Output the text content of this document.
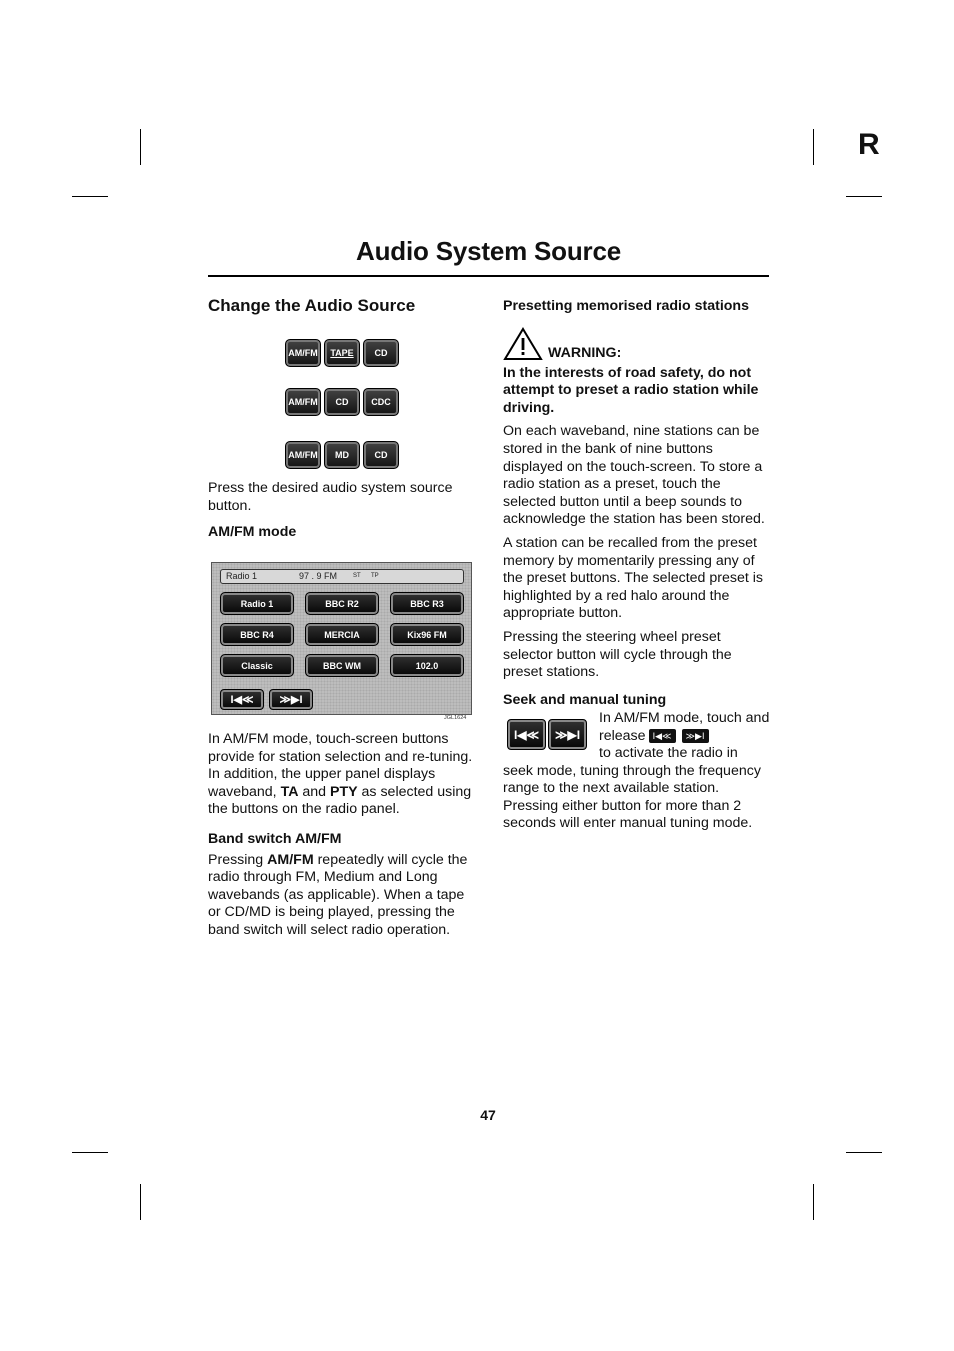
R
Audio System Source

Change the Audio Source

AM/FM	TAPE	CD
AM/FM	CD	CDC
AM/FM	MD	CD

Press the desired audio system source button.

AM/FM mode

Radio 1	97 . 9 FM	ST TP
Radio 1	BBC R2	BBC R3
BBC R4	MERCIA	Kix96 FM
Classic	BBC WM	102.0
I◀≪	≫▶I
JGL1624

In AM/FM mode, touch-screen buttons provide for station selection and re-tuning. In addition, the upper panel displays waveband, TA and PTY as selected using the buttons on the radio panel.

Band switch AM/FM

Pressing AM/FM repeatedly will cycle the radio through FM, Medium and Long wavebands (as applicable). When a tape or CD/MD is being played, pressing the band switch will select radio operation.

Presetting memorised radio stations

WARNING:

In the interests of road safety, do not attempt to preset a radio station while driving.

On each waveband, nine stations can be stored in the bank of nine buttons displayed on the touch-screen. To store a radio station as a preset, touch the selected button until a beep sounds to acknowledge the station has been stored.

A station can be recalled from the preset memory by momentarily pressing any of the preset buttons. The selected preset is highlighted by a red halo around the appropriate button.

Pressing the steering wheel preset selector button will cycle through the preset stations.

Seek and manual tuning

I◀≪	≫▶I
In AM/FM mode, touch and release I◀≪ ≫▶I
to activate the radio in seek mode, tuning through the frequency range to the next available station. Pressing either button for more than 2 seconds will enter manual tuning mode.
47
